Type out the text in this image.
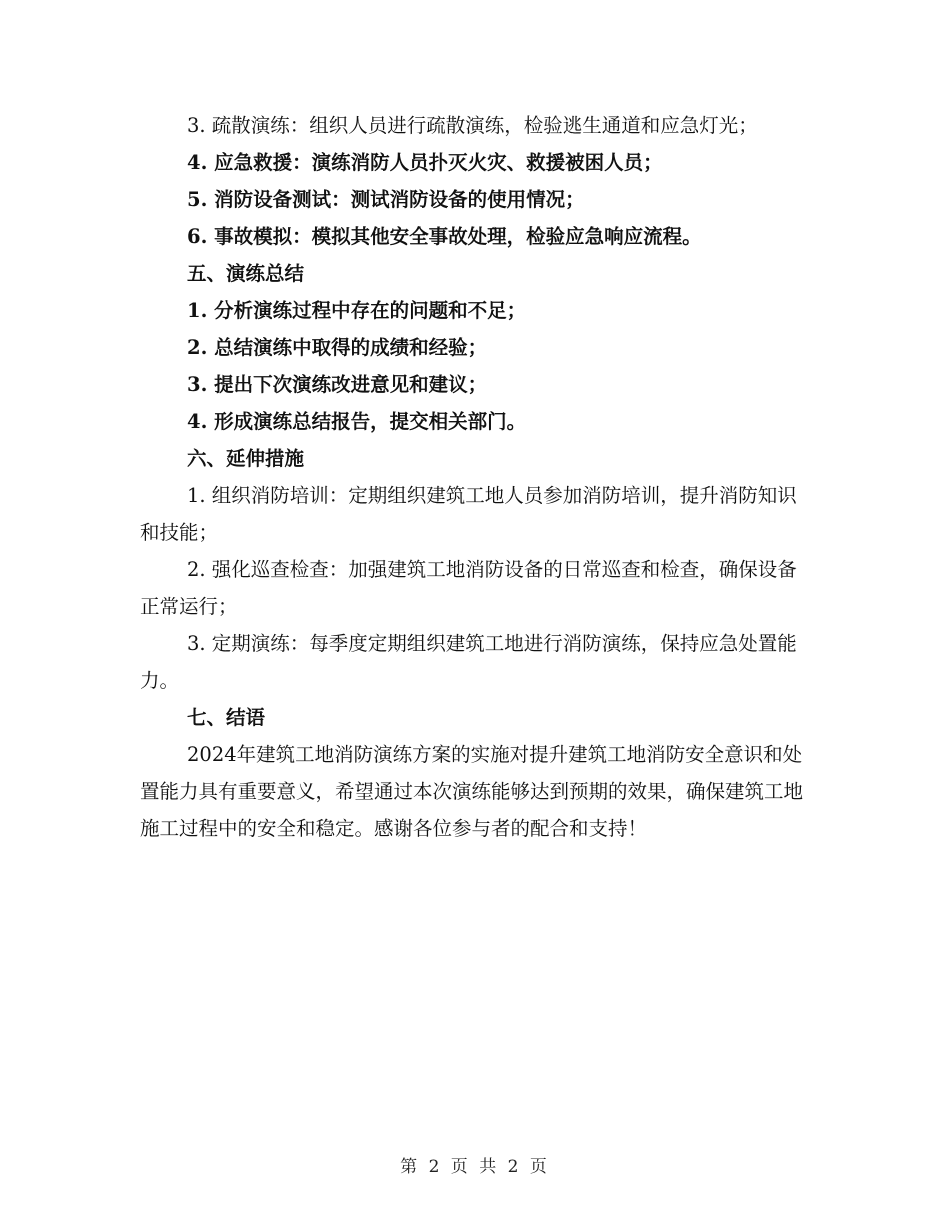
3. 疏散演练：组织人员进行疏散演练，检验逃生通道和应急灯光；
4. 应急救援：演练消防人员扑灭火灾、救援被困人员；
5. 消防设备测试：测试消防设备的使用情况；
6. 事故模拟：模拟其他安全事故处理，检验应急响应流程。
五、演练总结
1. 分析演练过程中存在的问题和不足；
2. 总结演练中取得的成绩和经验；
3. 提出下次演练改进意见和建议；
4. 形成演练总结报告，提交相关部门。
六、延伸措施
1. 组织消防培训：定期组织建筑工地人员参加消防培训，提升消防知识和技能；
2. 强化巡查检查：加强建筑工地消防设备的日常巡查和检查，确保设备正常运行；
3. 定期演练：每季度定期组织建筑工地进行消防演练，保持应急处置能力。
七、结语
2024年建筑工地消防演练方案的实施对提升建筑工地消防安全意识和处置能力具有重要意义，希望通过本次演练能够达到预期的效果，确保建筑工地施工过程中的安全和稳定。感谢各位参与者的配合和支持！
第 2 页 共 2 页
